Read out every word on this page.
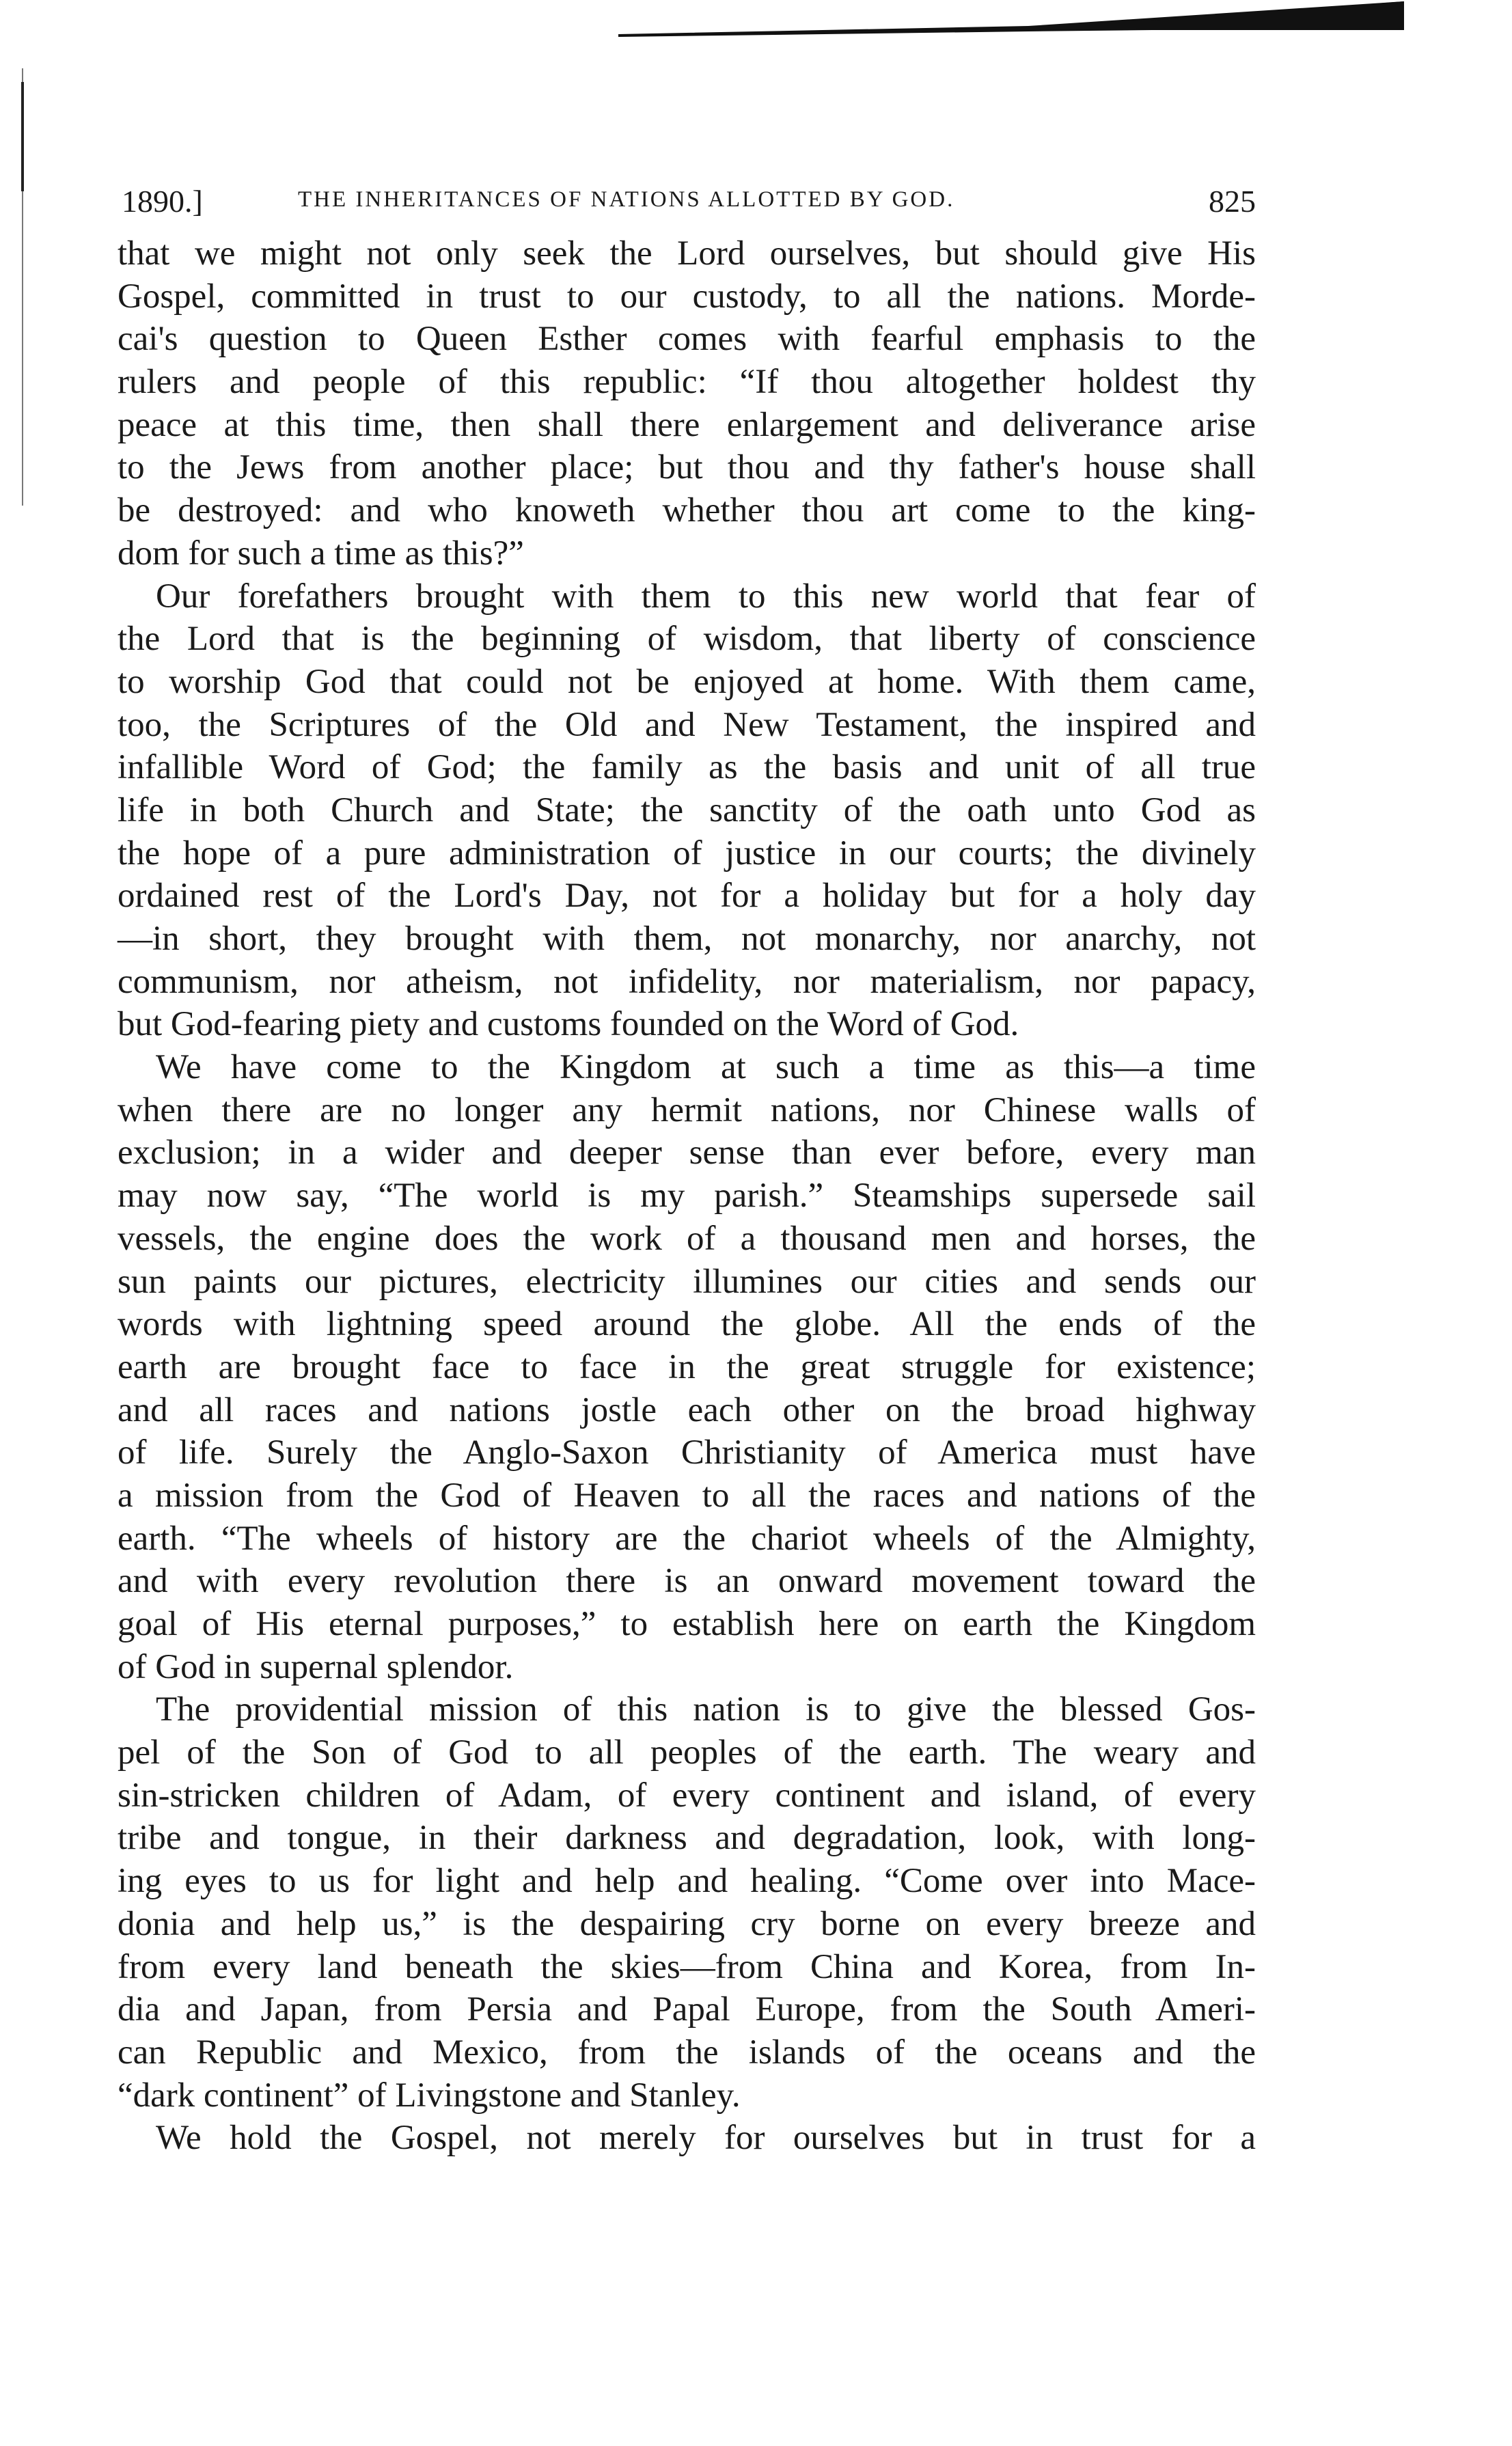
1890.]	THE INHERITANCES OF NATIONS ALLOTTED BY GOD.	825
that we might not only seek the Lord ourselves, but should give His
Gospel, committed in trust to our custody, to all the nations. Morde-
cai's question to Queen Esther comes with fearful emphasis to the
rulers and people of this republic: “If thou altogether holdest thy
peace at this time, then shall there enlargement and deliverance arise
to the Jews from another place; but thou and thy father's house shall
be destroyed: and who knoweth whether thou art come to the king-
dom for such a time as this?”
Our forefathers brought with them to this new world that fear of
the Lord that is the beginning of wisdom, that liberty of conscience
to worship God that could not be enjoyed at home. With them came,
too, the Scriptures of the Old and New Testament, the inspired and
infallible Word of God; the family as the basis and unit of all true
life in both Church and State; the sanctity of the oath unto God as
the hope of a pure administration of justice in our courts; the divinely
ordained rest of the Lord's Day, not for a holiday but for a holy day
—in short, they brought with them, not monarchy, nor anarchy, not
communism, nor atheism, not infidelity, nor materialism, nor papacy,
but God-fearing piety and customs founded on the Word of God.
We have come to the Kingdom at such a time as this—a time
when there are no longer any hermit nations, nor Chinese walls of
exclusion; in a wider and deeper sense than ever before, every man
may now say, “The world is my parish.” Steamships supersede sail
vessels, the engine does the work of a thousand men and horses, the
sun paints our pictures, electricity illumines our cities and sends our
words with lightning speed around the globe. All the ends of the
earth are brought face to face in the great struggle for existence;
and all races and nations jostle each other on the broad highway
of life. Surely the Anglo-Saxon Christianity of America must have
a mission from the God of Heaven to all the races and nations of the
earth. “The wheels of history are the chariot wheels of the Almighty,
and with every revolution there is an onward movement toward the
goal of His eternal purposes,” to establish here on earth the Kingdom
of God in supernal splendor.
The providential mission of this nation is to give the blessed Gos-
pel of the Son of God to all peoples of the earth. The weary and
sin-stricken children of Adam, of every continent and island, of every
tribe and tongue, in their darkness and degradation, look, with long-
ing eyes to us for light and help and healing. “Come over into Mace-
donia and help us,” is the despairing cry borne on every breeze and
from every land beneath the skies—from China and Korea, from In-
dia and Japan, from Persia and Papal Europe, from the South Ameri-
can Republic and Mexico, from the islands of the oceans and the
“dark continent” of Livingstone and Stanley.
We hold the Gospel, not merely for ourselves but in trust for a
